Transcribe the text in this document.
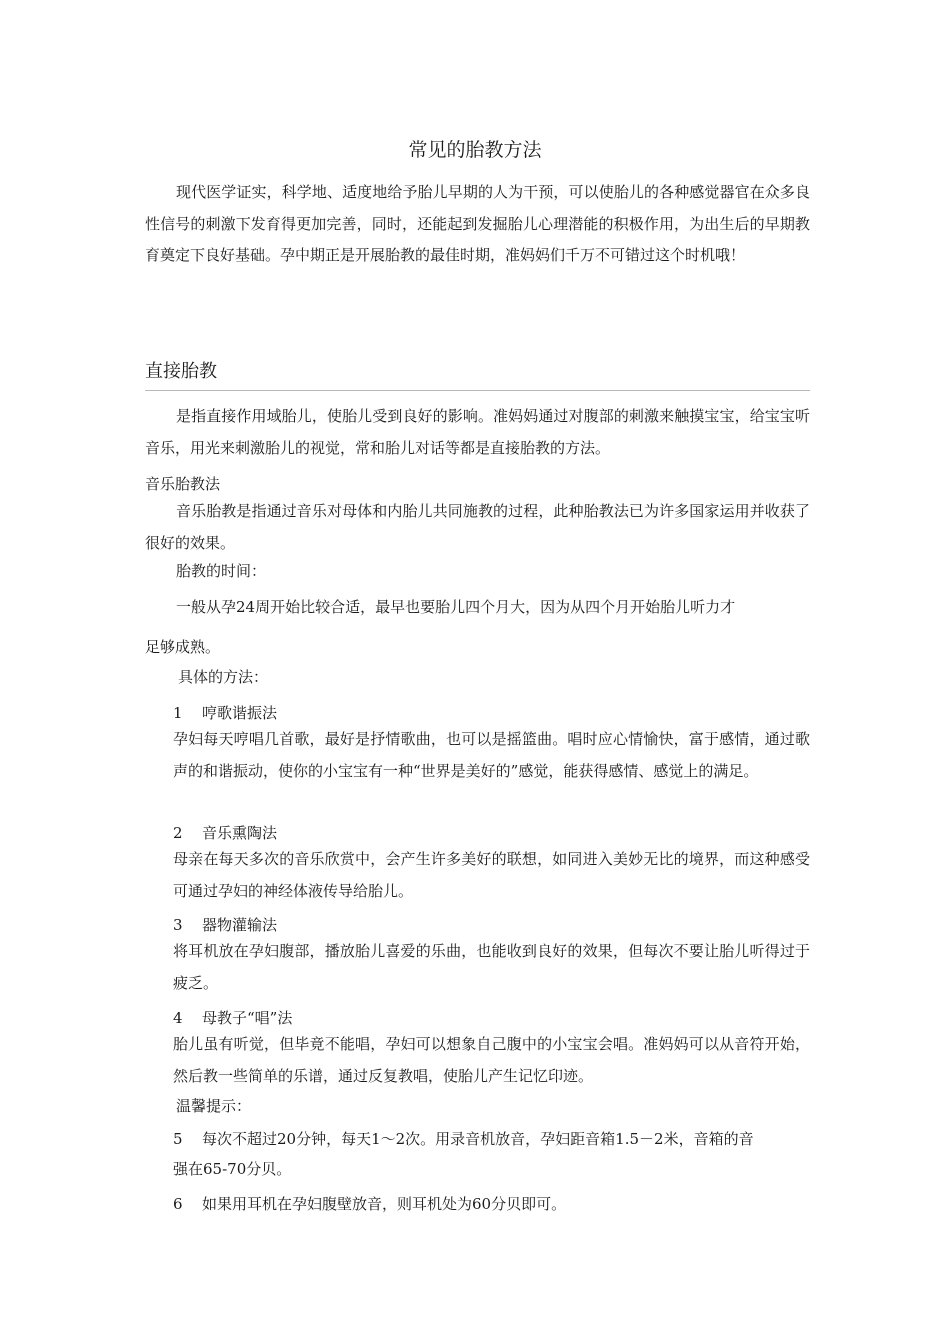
常见的胎教方法
现代医学证实，科学地、适度地给予胎儿早期的人为干预，可以使胎儿的各种感觉器官在众多良性信号的刺激下发育得更加完善，同时，还能起到发掘胎儿心理潜能的积极作用，为出生后的早期教育奠定下良好基础。孕中期正是开展胎教的最佳时期，准妈妈们千万不可错过这个时机哦！
直接胎教
是指直接作用域胎儿，使胎儿受到良好的影响。准妈妈通过对腹部的刺激来触摸宝宝，给宝宝听音乐，用光来刺激胎儿的视觉，常和胎儿对话等都是直接胎教的方法。
音乐胎教法
音乐胎教是指通过音乐对母体和内胎儿共同施教的过程，此种胎教法已为许多国家运用并收获了很好的效果。
胎教的时间：
一般从孕24周开始比较合适，最早也要胎儿四个月大，因为从四个月开始胎儿听力才
足够成熟。
具体的方法：
1 哼歌谐振法
孕妇每天哼唱几首歌，最好是抒情歌曲，也可以是摇篮曲。唱时应心情愉快，富于感情，通过歌声的和谐振动，使你的小宝宝有一种“世界是美好的”感觉，能获得感情、感觉上的满足。
2 音乐熏陶法
母亲在每天多次的音乐欣赏中，会产生许多美好的联想，如同进入美妙无比的境界，而这种感受可通过孕妇的神经体液传导给胎儿。
3 器物灌输法
将耳机放在孕妇腹部，播放胎儿喜爱的乐曲，也能收到良好的效果，但每次不要让胎儿听得过于疲乏。
4 母教子“唱”法
胎儿虽有听觉，但毕竟不能唱，孕妇可以想象自己腹中的小宝宝会唱。准妈妈可以从音符开始，然后教一些简单的乐谱，通过反复教唱，使胎儿产生记忆印迹。
温馨提示：
5 每次不超过20分钟，每天1～2次。用录音机放音，孕妇距音箱1.5－2米，音箱的音
强在65-70分贝。
6 如果用耳机在孕妇腹壁放音，则耳机处为60分贝即可。
